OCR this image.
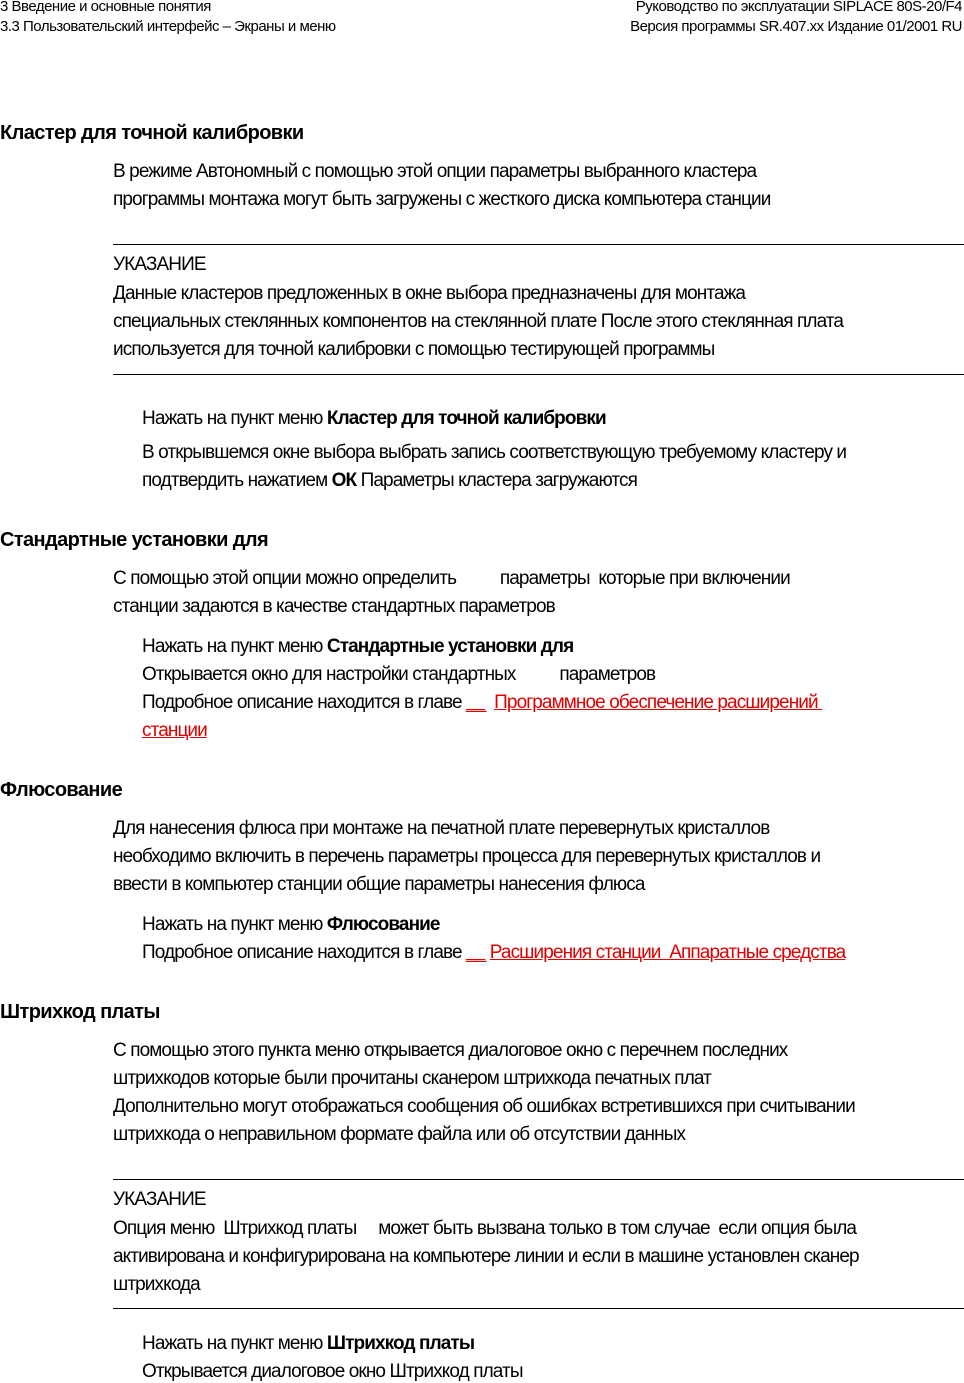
3 Введение и основные понятия
3.3 Пользовательский интерфейс – Экраны и меню
Руководство по эксплуатации SIPLACE 80S-20/F4
Версия программы SR.407.xx Издание 01/2001 RU
Кластер для точной калибровки
В режиме Автономный с помощью этой опции параметры выбранного кластера
программы монтажа могут быть загружены с жесткого диска компьютера станции
УКАЗАНИЕ
Данные кластеров предложенных в окне выбора предназначены для монтажа
специальных стеклянных компонентов на стеклянной плате После этого стеклянная плата
используется для точной калибровки с помощью тестирующей программы
Нажать на пункт меню Кластер для точной калибровки
В открывшемся окне выбора выбрать запись соответствующую требуемому кластеру и
подтвердить нажатием ОК Параметры кластера загружаются
Стандартные установки для
С помощью этой опции можно определить          параметры  которые при включении
станции задаются в качестве стандартных параметров
Нажать на пункт меню Стандартные установки для
Открывается окно для настройки стандартных          параметров
Подробное описание находится в главе __ Программное обеспечение расширений
станции
Флюсование
Для нанесения флюса при монтаже на печатной плате перевернутых кристаллов
необходимо включить в перечень параметры процесса для перевернутых кристаллов и
ввести в компьютер станции общие параметры нанесения флюса
Нажать на пункт меню Флюсование
Подробное описание находится в главе __ Расширения станции  Аппаратные средства
Штрихкод платы
С помощью этого пункта меню открывается диалоговое окно с перечнем последних
штрихкодов которые были прочитаны сканером штрихкода печатных плат
Дополнительно могут отображаться сообщения об ошибках встретившихся при считывании
штрихкода о неправильном формате файла или об отсутствии данных
УКАЗАНИЕ
Опция меню  Штрихкод платы     может быть вызвана только в том случае  если опция была
активирована и конфигурирована на компьютере линии и если в машине установлен сканер
штрихкода
Нажать на пункт меню Штрихкод платы
Открывается диалоговое окно Штрихкод платы
